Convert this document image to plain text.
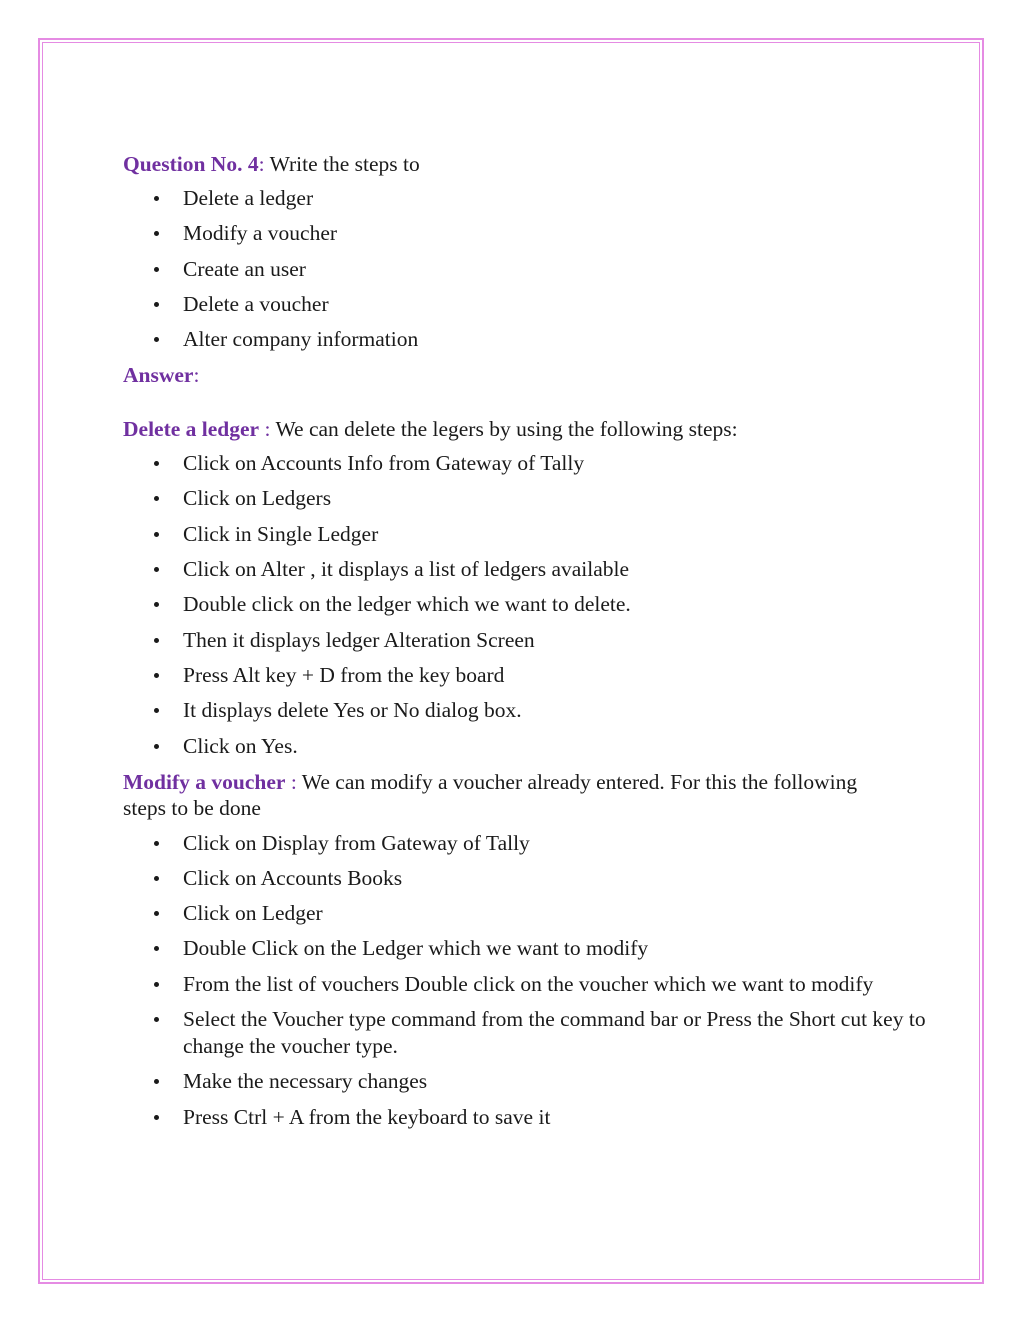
Question No. 4: Write the steps to
Delete a ledger
Modify a voucher
Create an user
Delete a voucher
Alter company information
Answer:
Delete a ledger : We can delete the legers by using the following steps:
Click on Accounts Info from Gateway of Tally
Click on Ledgers
Click in Single Ledger
Click on Alter , it displays a list of ledgers available
Double click on the ledger which we want to delete.
Then it displays ledger Alteration Screen
Press Alt key + D from the key board
It displays delete Yes or No dialog box.
Click on Yes.
Modify a voucher : We can modify a voucher already entered. For this the following
steps to be done
Click on Display from Gateway of Tally
Click on Accounts Books
Click on Ledger
Double Click on the Ledger which we want to modify
From the list of vouchers Double click on the voucher which we want to modify
Select the Voucher type command from the command bar or Press the Short cut key to change the voucher type.
Make the necessary changes
Press Ctrl + A from the keyboard to save it
